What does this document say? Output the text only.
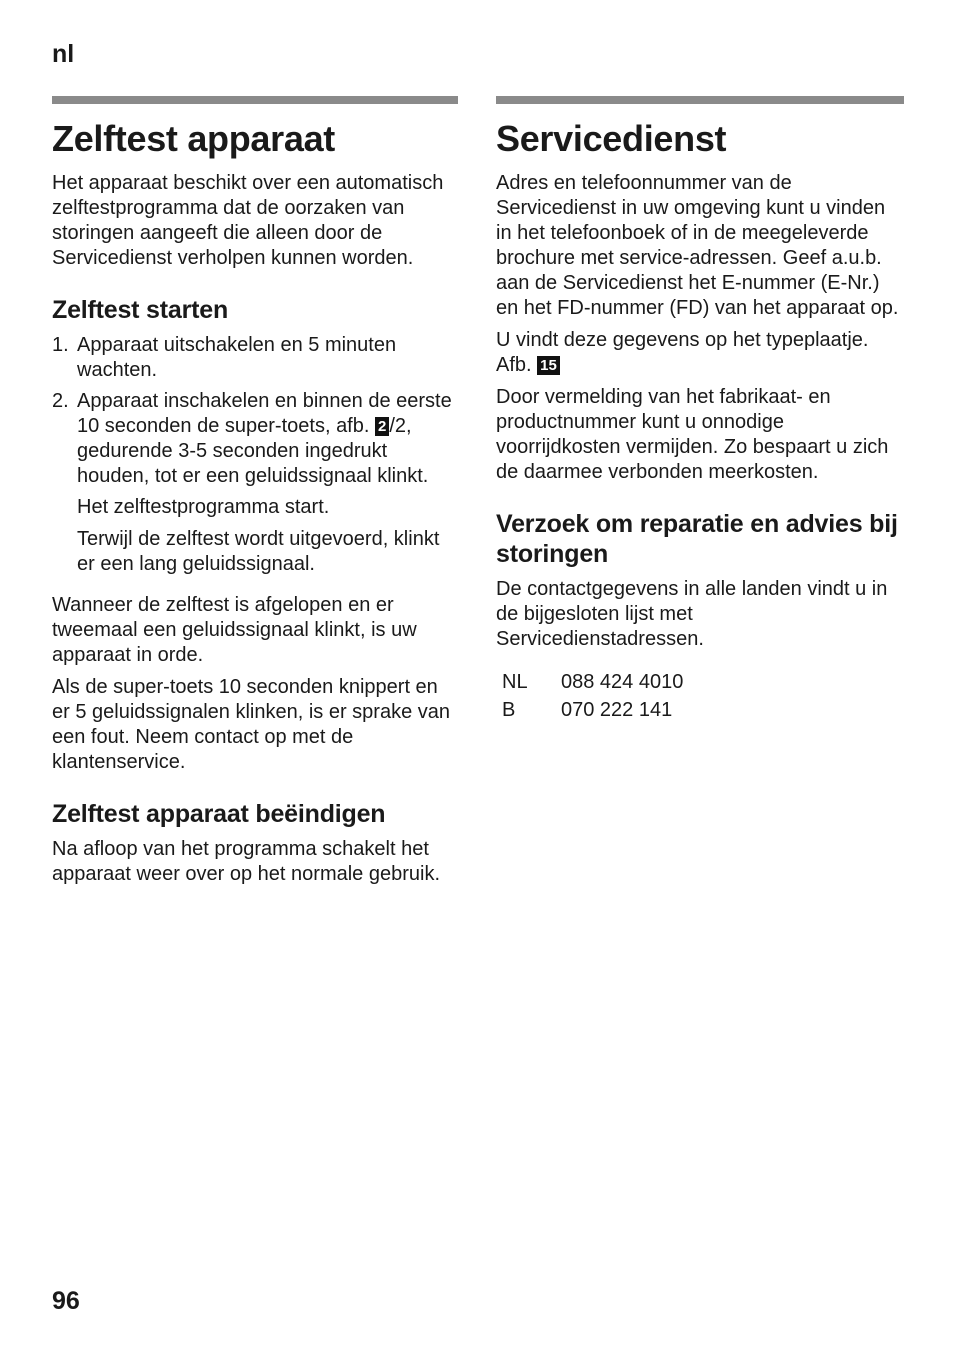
nl
Zelftest apparaat

Het apparaat beschikt over een automatisch zelftestprogramma dat de oorzaken van storingen aangeeft die alleen door de Servicedienst verholpen kunnen worden.

Zelftest starten
1. Apparaat uitschakelen en 5 minuten wachten.
2. Apparaat inschakelen en binnen de eerste 10 seconden de super-toets, afb. 2 /2, gedurende 3-5 seconden ingedrukt houden, tot er een geluidssignaal klinkt.

Het zelftestprogramma start.

Terwijl de zelftest wordt uitgevoerd, klinkt er een lang geluidssignaal.

Wanneer de zelftest is afgelopen en er tweemaal een geluidssignaal klinkt, is uw apparaat in orde.

Als de super-toets 10 seconden knippert en er 5 geluidssignalen klinken, is er sprake van een fout. Neem contact op met de klantenservice.

Zelftest apparaat beëindigen

Na afloop van het programma schakelt het apparaat weer over op het normale gebruik.

Servicedienst

Adres en telefoonnummer van de Servicedienst in uw omgeving kunt u vinden in het telefoonboek of in de meegeleverde brochure met service-adressen. Geef a.u.b. aan de Servicedienst het E-nummer (E-Nr.) en het FD-nummer (FD) van het apparaat op.

U vindt deze gegevens op het typeplaatje. Afb. 15

Door vermelding van het fabrikaat- en productnummer kunt u onnodige voorrijdkosten vermijden. Zo bespaart u zich de daarmee verbonden meerkosten.

Verzoek om reparatie en advies bij storingen

De contactgegevens in alle landen vindt u in de bijgesloten lijst met Servicedienstadressen.

NL	088 424 4010
B	070 222 141
96
